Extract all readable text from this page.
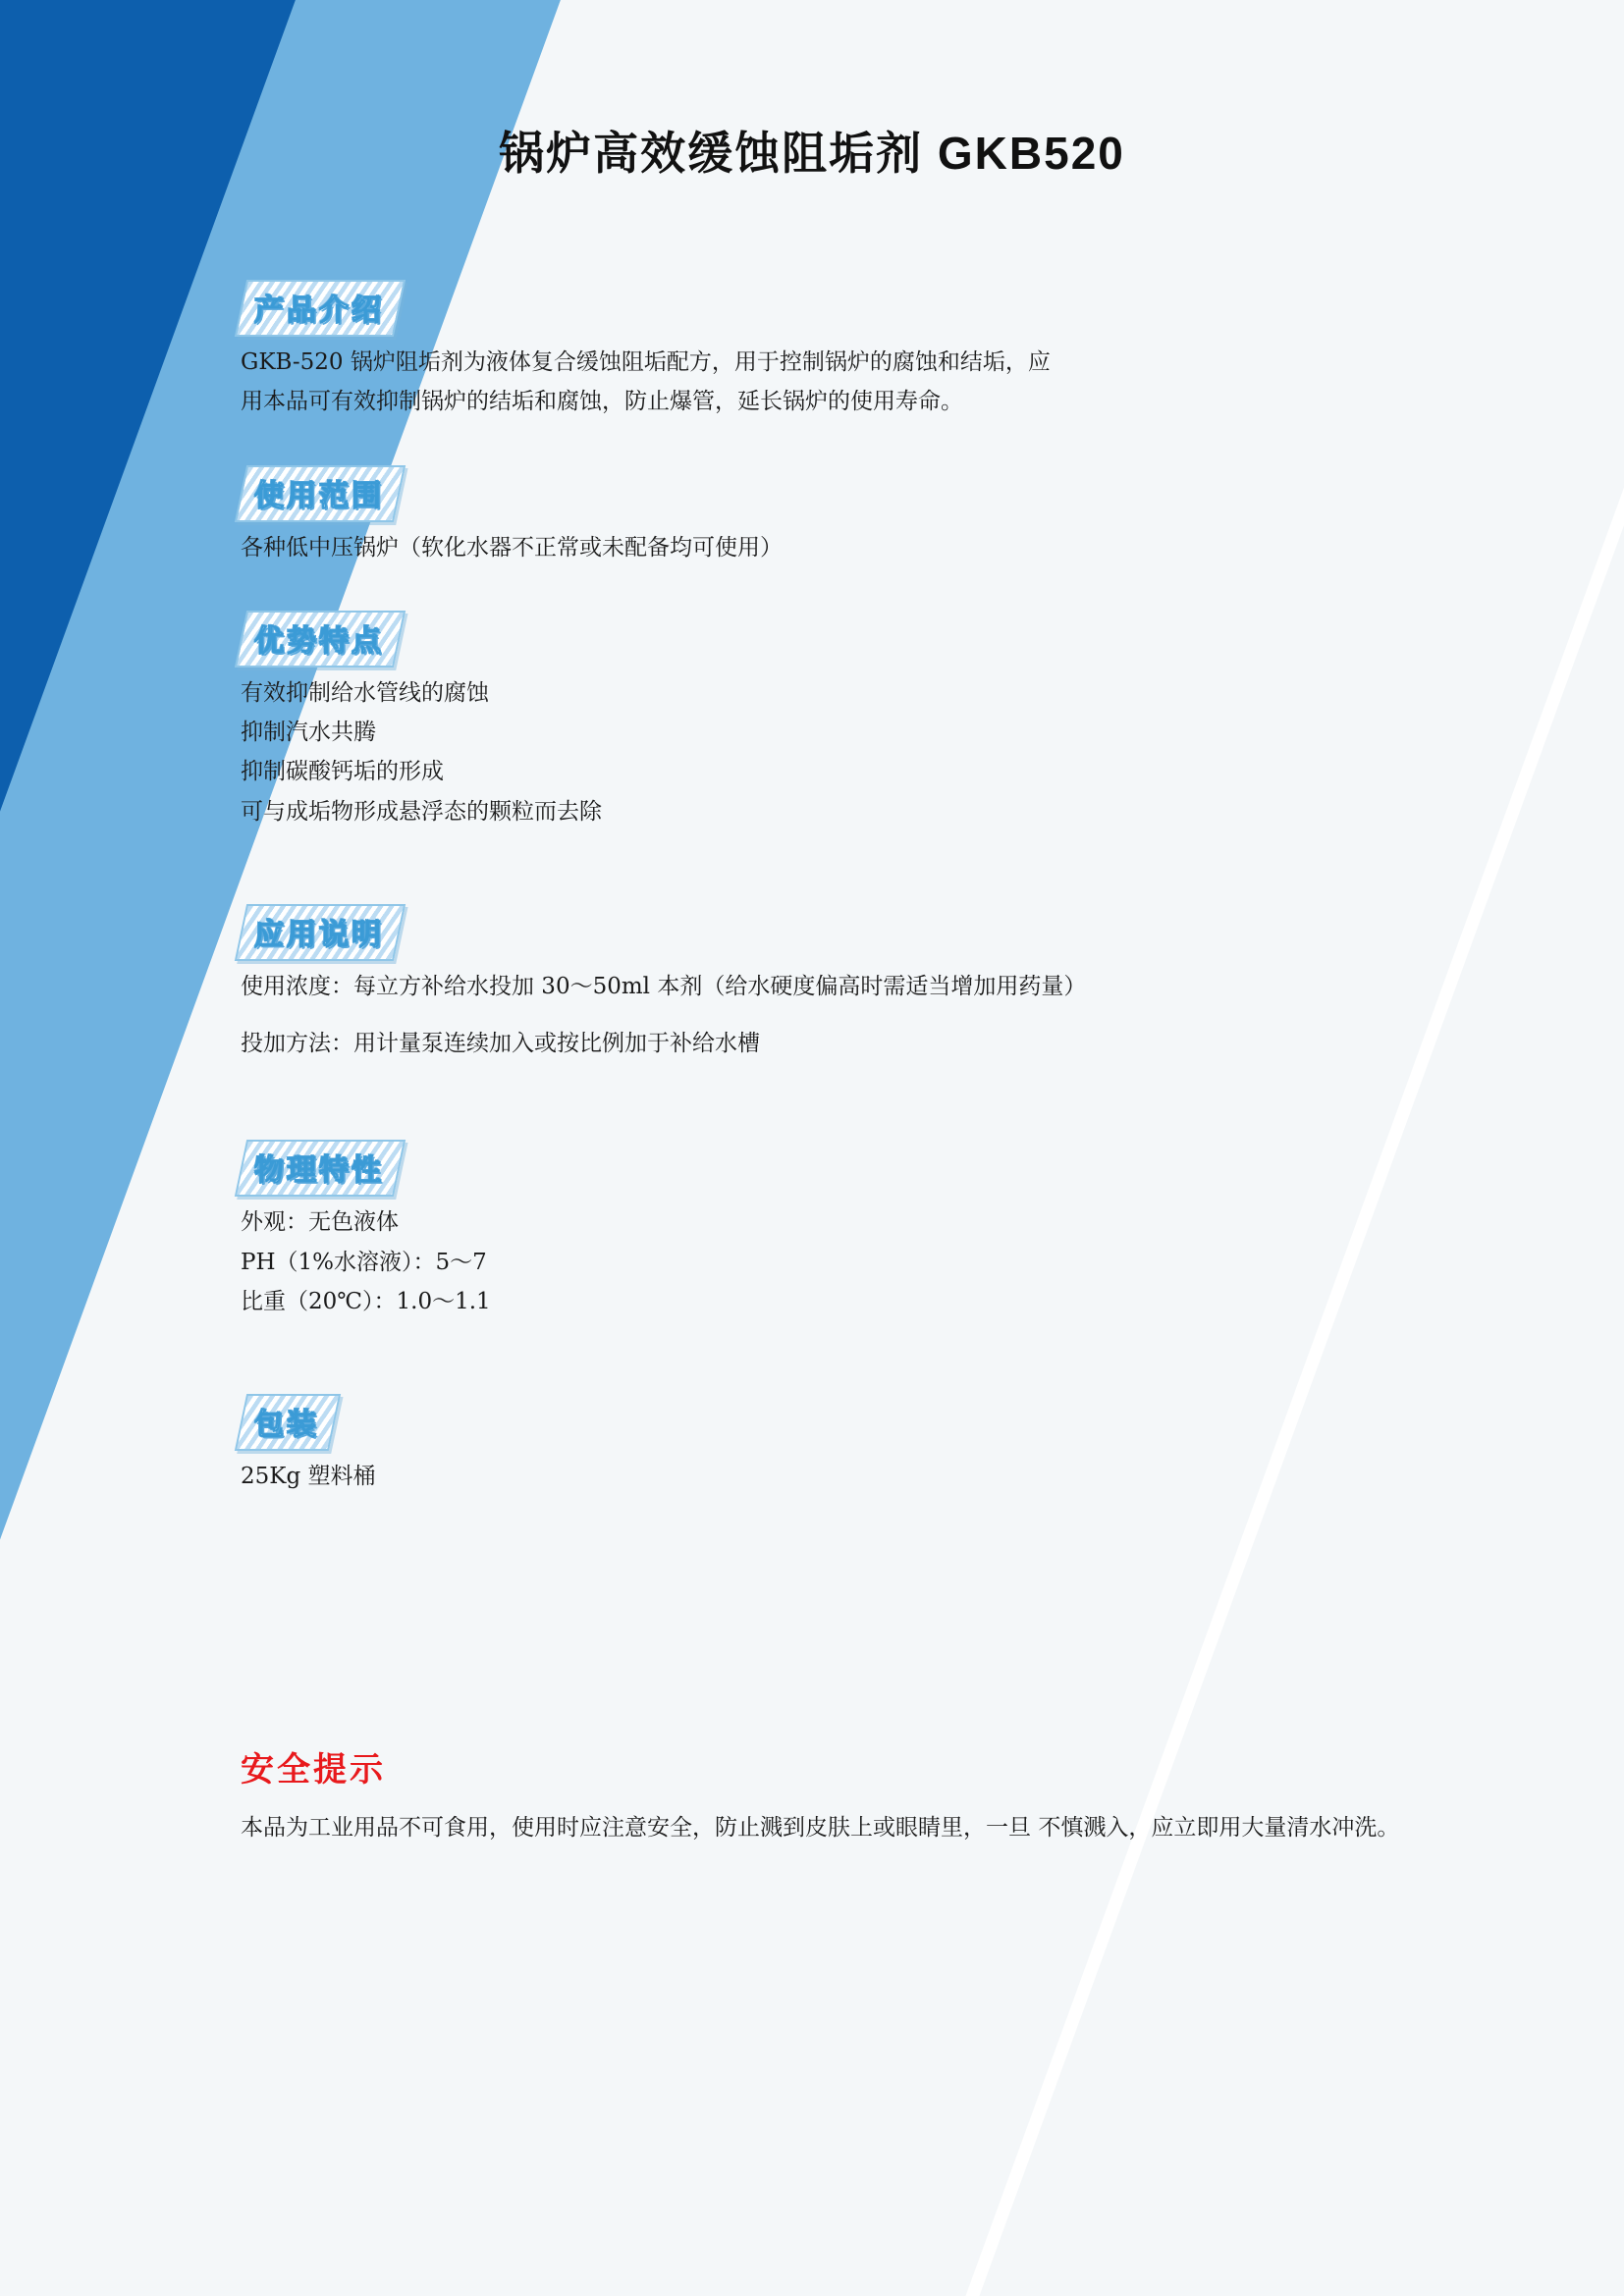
锅炉高效缓蚀阻垢剂 GKB520
产品介绍
GKB-520 锅炉阻垢剂为液体复合缓蚀阻垢配方，用于控制锅炉的腐蚀和结垢，应
用本品可有效抑制锅炉的结垢和腐蚀，防止爆管，延长锅炉的使用寿命。
使用范围
各种低中压锅炉（软化水器不正常或未配备均可使用）
优势特点
有效抑制给水管线的腐蚀
抑制汽水共腾
抑制碳酸钙垢的形成
可与成垢物形成悬浮态的颗粒而去除
应用说明

使用浓度：每立方补给水投加 30～50ml 本剂（给水硬度偏高时需适当增加用药量）

投加方法：用计量泵连续加入或按比例加于补给水槽

物理特性
外观：无色液体
PH（1%水溶液）：5～7
比重（20℃）：1.0～1.1
包装
25Kg 塑料桶
安全提示
本品为工业用品不可食用，使用时应注意安全，防止溅到皮肤上或眼睛里，一旦 不慎溅入，应立即用大量清水冲洗。
